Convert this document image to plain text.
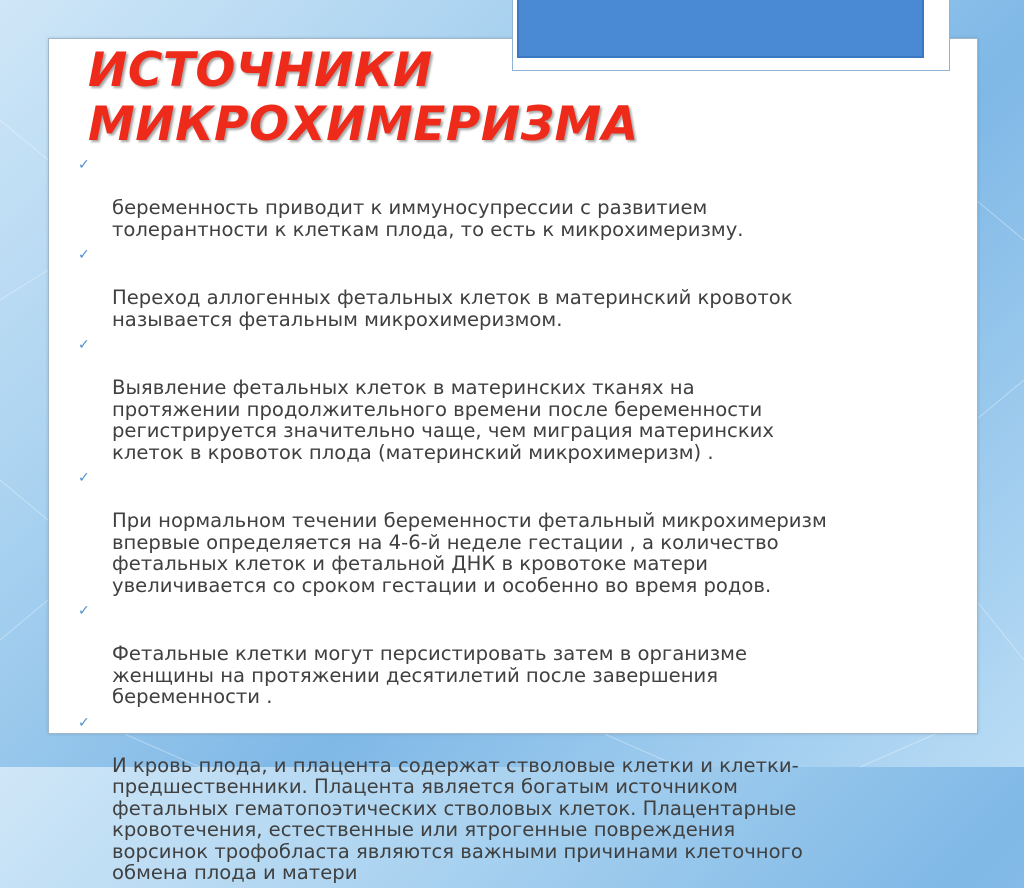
ИСТОЧНИКИ
МИКРОХИМЕРИЗМА

✓

беременность приводит к иммуносупрессии с развитием
толерантности к клеткам плода, то есть к микрохимеризму.

✓

Переход аллогенных фетальных клеток в материнский кровоток
называется фетальным микрохимеризмом.

✓

Выявление фетальных клеток в материнских тканях на
протяжении продолжительного времени после беременности
регистрируется значительно чаще, чем миграция материнских
клеток в кровоток плода (материнский микрохимеризм) .

✓

При нормальном течении беременности фетальный микрохимеризм
впервые определяется на 4-6-й неделе гестации , а количество
фетальных клеток и фетальной ДНК в кровотоке матери
увеличивается со сроком гестации и особенно во время родов.

✓

Фетальные клетки могут персистировать затем в организме
женщины на протяжении десятилетий после завершения
беременности .

✓

И кровь плода, и плацента содержат стволовые клетки и клетки-
предшественники. Плацента является богатым источником
фетальных гематопоэтических стволовых клеток. Плацентарные
кровотечения, естественные или ятрогенные повреждения
ворсинок трофобласта являются важными причинами клеточного
обмена плода и матери
